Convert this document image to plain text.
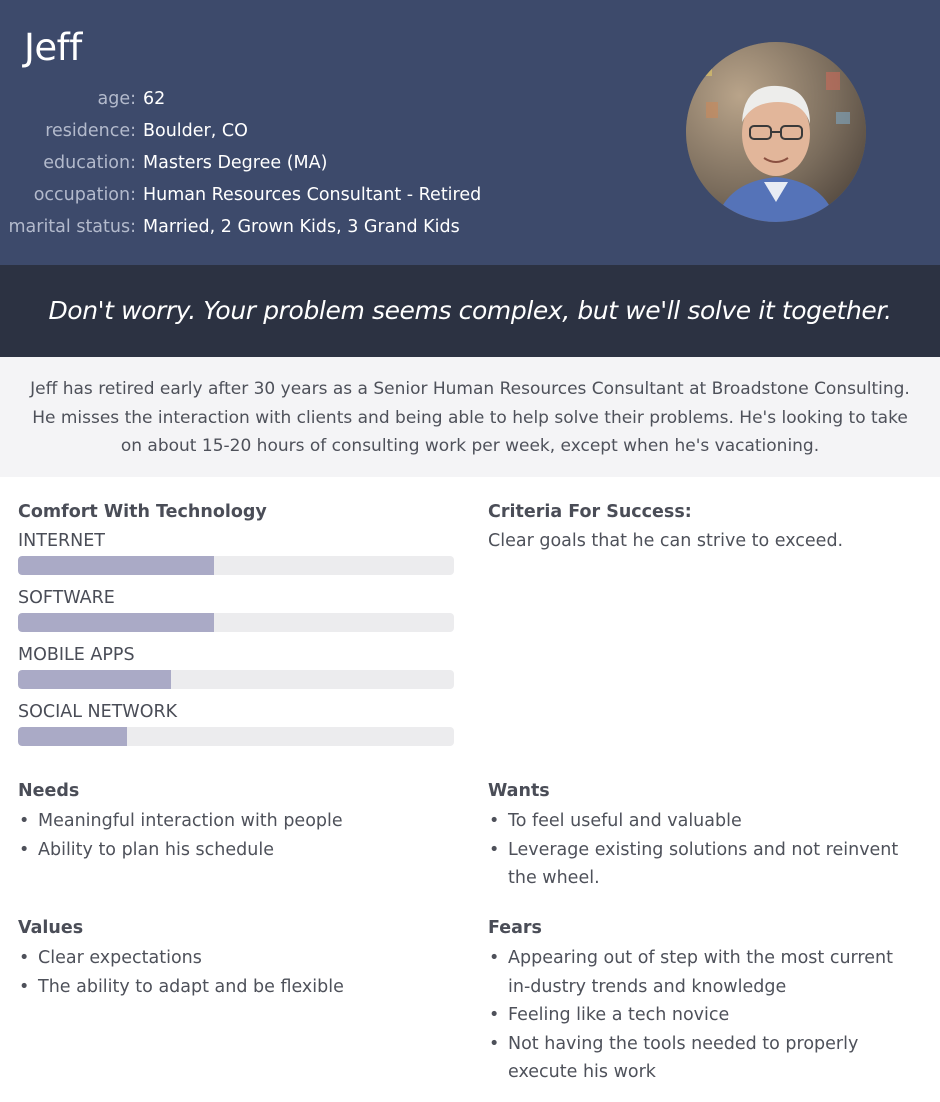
Jeff
age: 62
residence: Boulder, CO
education: Masters Degree (MA)
occupation: Human Resources Consultant - Retired
marital status: Married, 2 Grown Kids, 3 Grand Kids
Don't worry. Your problem seems complex, but we'll solve it together.

Jeff has retired early after 30 years as a Senior Human Resources Consultant at Broadstone Consulting. He misses the interaction with clients and being able to help solve their problems. He's looking to take on about 15-20 hours of consulting work per week, except when he's vacationing.

Comfort With Technology
INTERNET
SOFTWARE
MOBILE APPS
SOCIAL NETWORK
Criteria For Success:
Clear goals that he can strive to exceed.
Needs
• Meaningful interaction with people
• Ability to plan his schedule
Wants
• To feel useful and valuable
• Leverage existing solutions and not reinvent the wheel.
Values
• Clear expectations
• The ability to adapt and be flexible
Fears
• Appearing out of step with the most current in-dustry trends and knowledge
• Feeling like a tech novice
• Not having the tools needed to properly execute his work
